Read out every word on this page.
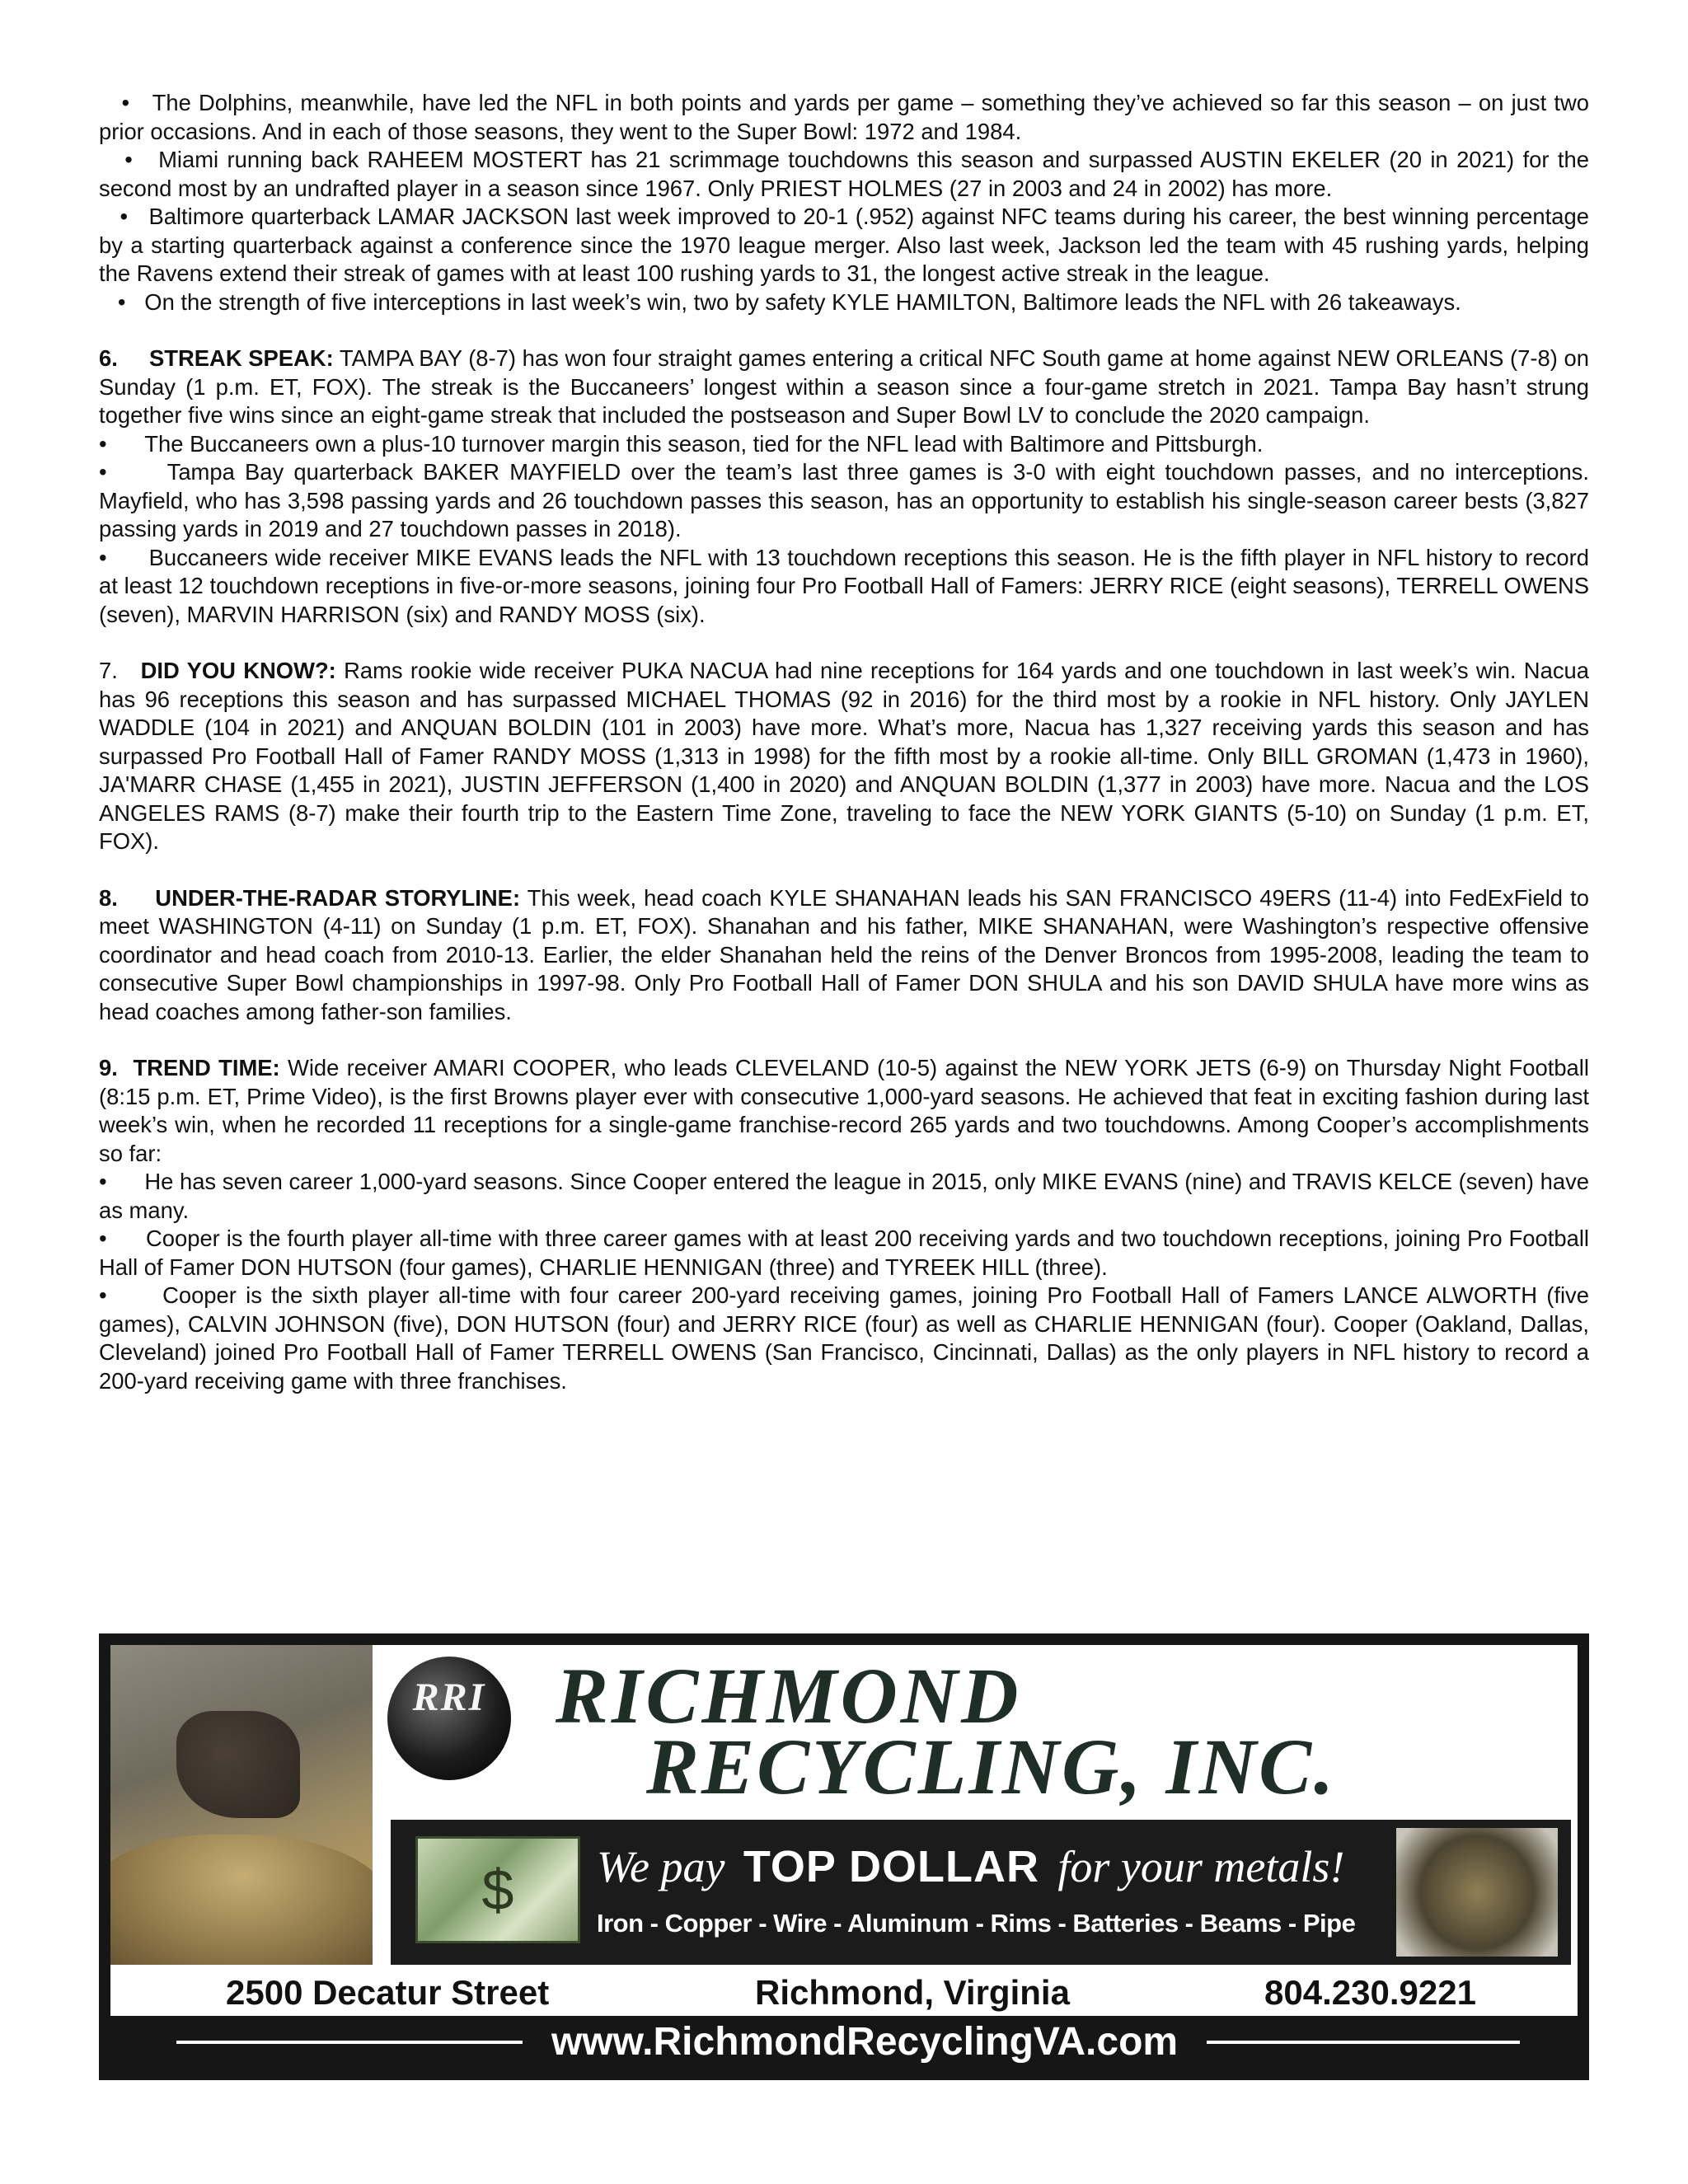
• The Dolphins, meanwhile, have led the NFL in both points and yards per game – something they’ve achieved so far this season – on just two prior occasions. And in each of those seasons, they went to the Super Bowl: 1972 and 1984.

• Miami running back RAHEEM MOSTERT has 21 scrimmage touchdowns this season and surpassed AUSTIN EKELER (20 in 2021) for the second most by an undrafted player in a season since 1967. Only PRIEST HOLMES (27 in 2003 and 24 in 2002) has more.

• Baltimore quarterback LAMAR JACKSON last week improved to 20-1 (.952) against NFC teams during his career, the best winning percentage by a starting quarterback against a conference since the 1970 league merger. Also last week, Jackson led the team with 45 rushing yards, helping the Ravens extend their streak of games with at least 100 rushing yards to 31, the longest active streak in the league.

• On the strength of five interceptions in last week’s win, two by safety KYLE HAMILTON, Baltimore leads the NFL with 26 takeaways.

6. STREAK SPEAK: TAMPA BAY (8-7) has won four straight games entering a critical NFC South game at home against NEW ORLEANS (7-8) on Sunday (1 p.m. ET, FOX). The streak is the Buccaneers’ longest within a season since a four-game stretch in 2021. Tampa Bay hasn’t strung together five wins since an eight-game streak that included the postseason and Super Bowl LV to conclude the 2020 campaign.

• The Buccaneers own a plus-10 turnover margin this season, tied for the NFL lead with Baltimore and Pittsburgh.

•	Tampa Bay quarterback BAKER MAYFIELD over the team’s last three games is 3-0 with eight touchdown passes, and no interceptions. Mayfield, who has 3,598 passing yards and 26 touchdown passes this season, has an opportunity to establish his single-season career bests (3,827 passing yards in 2019 and 27 touchdown passes in 2018).

• Buccaneers wide receiver MIKE EVANS leads the NFL with 13 touchdown receptions this season. He is the fifth player in NFL history to record at least 12 touchdown receptions in five-or-more seasons, joining four Pro Football Hall of Famers: JERRY RICE (eight seasons), TERRELL OWENS (seven), MARVIN HARRISON (six) and RANDY MOSS (six).

7. DID YOU KNOW?: Rams rookie wide receiver PUKA NACUA had nine receptions for 164 yards and one touchdown in last week’s win. Nacua has 96 receptions this season and has surpassed MICHAEL THOMAS (92 in 2016) for the third most by a rookie in NFL history. Only JAYLEN WADDLE (104 in 2021) and ANQUAN BOLDIN (101 in 2003) have more. What’s more, Nacua has 1,327 receiving yards this season and has surpassed Pro Football Hall of Famer RANDY MOSS (1,313 in 1998) for the fifth most by a rookie all-time. Only BILL GROMAN (1,473 in 1960), JA'MARR CHASE (1,455 in 2021), JUSTIN JEFFERSON (1,400 in 2020) and ANQUAN BOLDIN (1,377 in 2003) have more. Nacua and the LOS ANGELES RAMS (8-7) make their fourth trip to the Eastern Time Zone, traveling to face the NEW YORK GIANTS (5-10) on Sunday (1 p.m. ET, FOX).

8. UNDER-THE-RADAR STORYLINE: This week, head coach KYLE SHANAHAN leads his SAN FRANCISCO 49ERS (11-4) into FedExField to meet WASHINGTON (4-11) on Sunday (1 p.m. ET, FOX). Shanahan and his father, MIKE SHANAHAN, were Washington’s respective offensive coordinator and head coach from 2010-13. Earlier, the elder Shanahan held the reins of the Denver Broncos from 1995-2008, leading the team to consecutive Super Bowl championships in 1997-98. Only Pro Football Hall of Famer DON SHULA and his son DAVID SHULA have more wins as head coaches among father-son families.

9. TREND TIME: Wide receiver AMARI COOPER, who leads CLEVELAND (10-5) against the NEW YORK JETS (6-9) on Thursday Night Football (8:15 p.m. ET, Prime Video), is the first Browns player ever with consecutive 1,000-yard seasons. He achieved that feat in exciting fashion during last week’s win, when he recorded 11 receptions for a single-game franchise-record 265 yards and two touchdowns. Among Cooper’s accomplishments so far:

• He has seven career 1,000-yard seasons. Since Cooper entered the league in 2015, only MIKE EVANS (nine) and TRAVIS KELCE (seven) have as many.

• Cooper is the fourth player all-time with three career games with at least 200 receiving yards and two touchdown receptions, joining Pro Football Hall of Famer DON HUTSON (four games), CHARLIE HENNIGAN (three) and TYREEK HILL (three).

• Cooper is the sixth player all-time with four career 200-yard receiving games, joining Pro Football Hall of Famers LANCE ALWORTH (five games), CALVIN JOHNSON (five), DON HUTSON (four) and JERRY RICE (four) as well as CHARLIE HENNIGAN (four). Cooper (Oakland, Dallas, Cleveland) joined Pro Football Hall of Famer TERRELL OWENS (San Francisco, Cincinnati, Dallas) as the only players in NFL history to record a 200-yard receiving game with three franchises.

RRI RICHMOND
RECYCLING, INC.
$	We pay TOP DOLLAR for your metals!
Iron - Copper - Wire - Aluminum - Rims - Batteries - Beams - Pipe
2500 Decatur Street	Richmond, Virginia	804.230.9221
www.RichmondRecyclingVA.com
